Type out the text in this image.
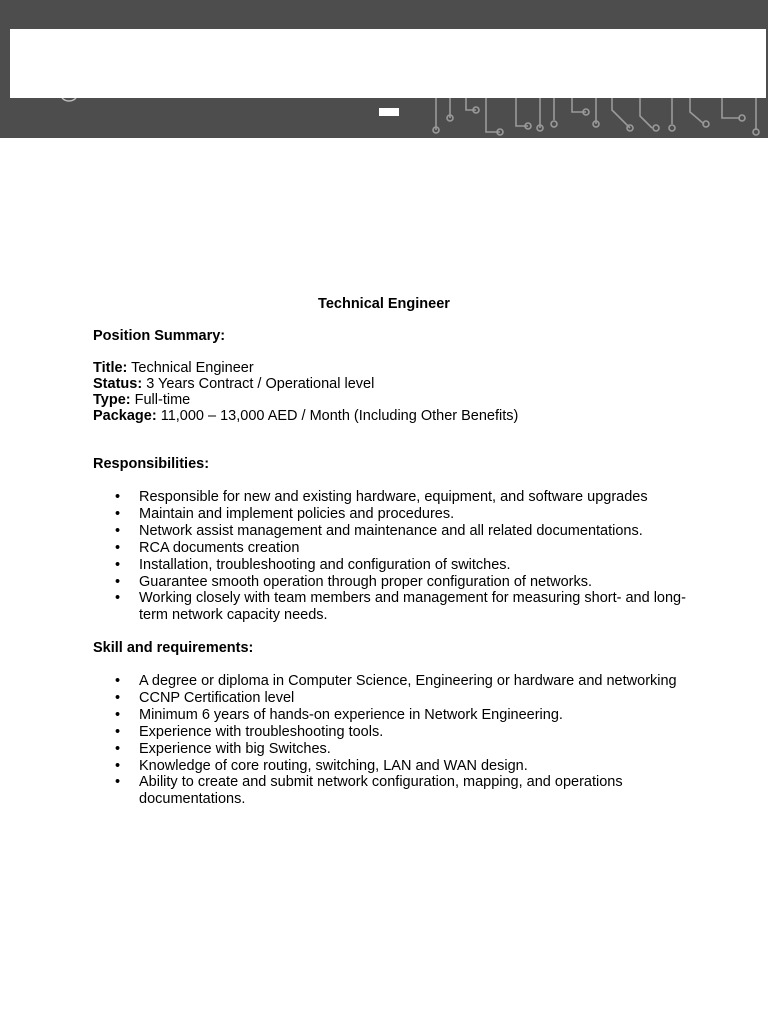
Technical Engineer
Position Summary:
Title: Technical Engineer
Status: 3 Years Contract / Operational level
Type: Full-time
Package: 11,000 – 13,000 AED / Month (Including Other Benefits)
Responsibilities:
• Responsible for new and existing hardware, equipment, and software upgrades
• Maintain and implement policies and procedures.
• Network assist management and maintenance and all related documentations.
• RCA documents creation
• Installation, troubleshooting and configuration of switches.
• Guarantee smooth operation through proper configuration of networks.
• Working closely with team members and management for measuring short- and long-term network capacity needs.
Skill and requirements:
• A degree or diploma in Computer Science, Engineering or hardware and networking
• CCNP Certification level
• Minimum 6 years of hands-on experience in Network Engineering.
• Experience with troubleshooting tools.
• Experience with big Switches.
• Knowledge of core routing, switching, LAN and WAN design.
• Ability to create and submit network configuration, mapping, and operations documentations.
